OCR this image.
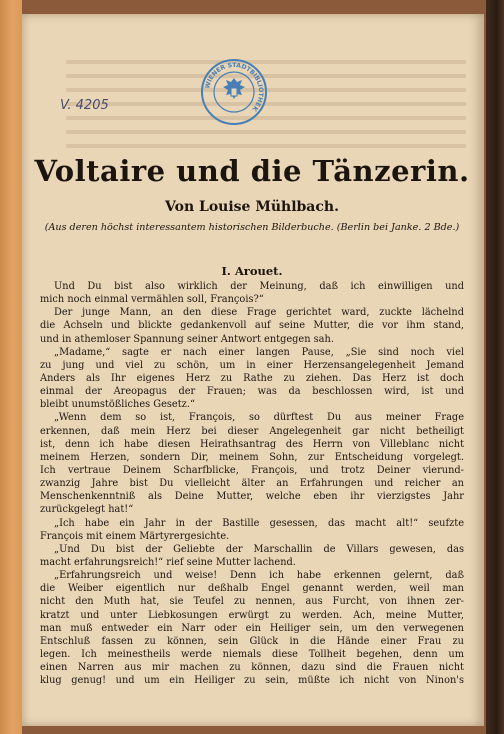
V. 4205
WIENER STADTBIBLIOTHEK
Voltaire und die Tänzerin.
Von Louise Mühlbach.
(Aus deren höchst interessantem historischen Bilderbuche. (Berlin bei Janke. 2 Bde.)
I. Arouet.
Und Du bist also wirklich der Meinung, daß ich einwilligen und
mich noch einmal vermählen soll, François?“
Der junge Mann, an den diese Frage gerichtet ward, zuckte lächelnd
die Achseln und blickte gedankenvoll auf seine Mutter, die vor ihm stand,
und in athemloser Spannung seiner Antwort entgegen sah.
„Madame,“ sagte er nach einer langen Pause, „Sie sind noch viel
zu jung und viel zu schön, um in einer Herzensangelegenheit Jemand
Anders als Ihr eigenes Herz zu Rathe zu ziehen. Das Herz ist doch
einmal der Areopagus der Frauen; was da beschlossen wird, ist und
bleibt unumstößliches Gesetz.“
„Wenn dem so ist, François, so dürftest Du aus meiner Frage
erkennen, daß mein Herz bei dieser Angelegenheit gar nicht betheiligt
ist, denn ich habe diesen Heirathsantrag des Herrn von Villeblanc nicht
meinem Herzen, sondern Dir, meinem Sohn, zur Entscheidung vorgelegt.
Ich vertraue Deinem Scharfblicke, François, und trotz Deiner vierund-
zwanzig Jahre bist Du vielleicht älter an Erfahrungen und reicher an
Menschenkenntniß als Deine Mutter, welche eben ihr vierzigstes Jahr
zurückgelegt hat!“
„Ich habe ein Jahr in der Bastille gesessen, das macht alt!“ seufzte
François mit einem Märtyrergesichte.
„Und Du bist der Geliebte der Marschallin de Villars gewesen, das
macht erfahrungsreich!“ rief seine Mutter lachend.
„Erfahrungsreich und weise! Denn ich habe erkennen gelernt, daß
die Weiber eigentlich nur deßhalb Engel genannt werden, weil man
nicht den Muth hat, sie Teufel zu nennen, aus Furcht, von ihnen zer-
kratzt und unter Liebkosungen erwürgt zu werden. Ach, meine Mutter,
man muß entweder ein Narr oder ein Heiliger sein, um den verwegenen
Entschluß fassen zu können, sein Glück in die Hände einer Frau zu
legen. Ich meinestheils werde niemals diese Tollheit begehen, denn um
einen Narren aus mir machen zu können, dazu sind die Frauen nicht
klug genug! und um ein Heiliger zu sein, müßte ich nicht von Ninon's
